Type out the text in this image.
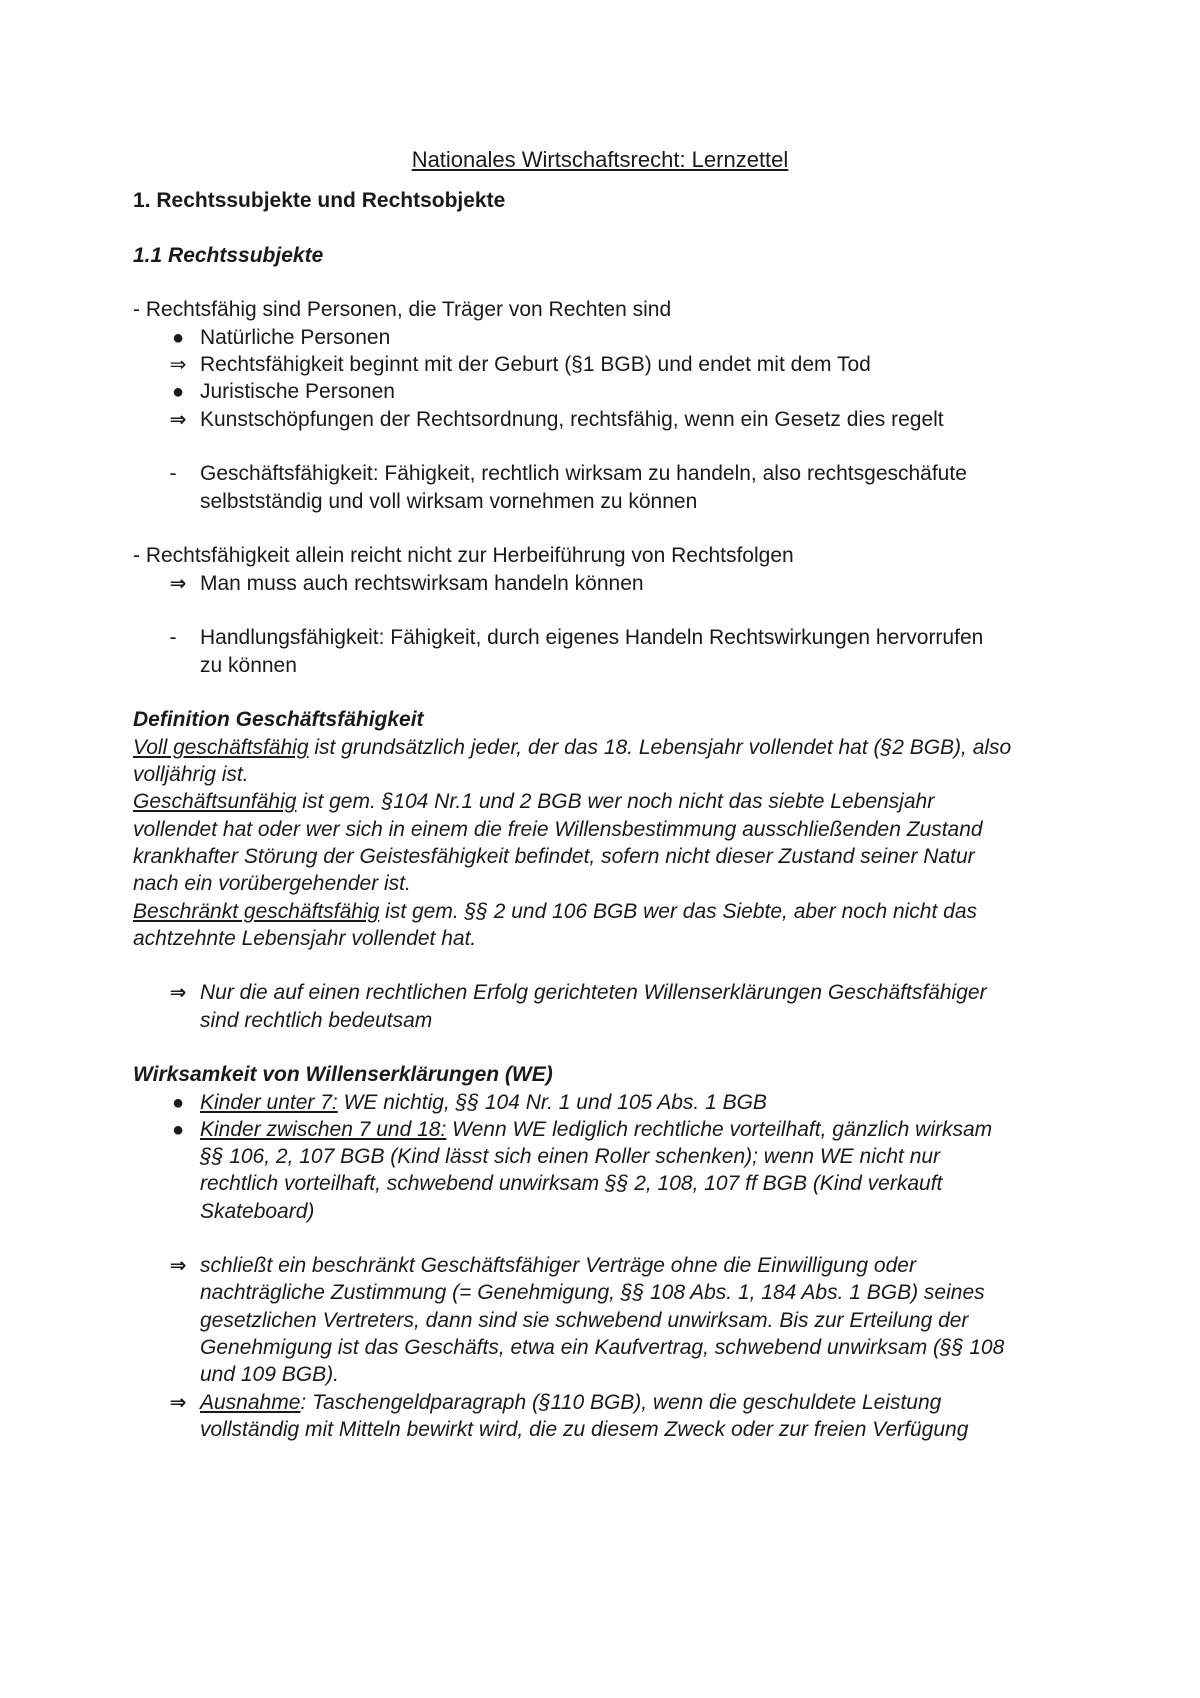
Nationales Wirtschaftsrecht: Lernzettel
1. Rechtssubjekte und Rechtsobjekte
1.1 Rechtssubjekte
- Rechtsfähig sind Personen, die Träger von Rechten sind
● Natürliche Personen
⇒ Rechtsfähigkeit beginnt mit der Geburt (§1 BGB) und endet mit dem Tod
● Juristische Personen
⇒ Kunstschöpfungen der Rechtsordnung, rechtsfähig, wenn ein Gesetz dies regelt
-	Geschäftsfähigkeit: Fähigkeit, rechtlich wirksam zu handeln, also rechtsgeschäfute
selbstständig und voll wirksam vornehmen zu können
- Rechtsfähigkeit allein reicht nicht zur Herbeiführung von Rechtsfolgen
⇒ Man muss auch rechtswirksam handeln können
-	Handlungsfähigkeit: Fähigkeit, durch eigenes Handeln Rechtswirkungen hervorrufen
zu können
Definition Geschäftsfähigkeit
Voll geschäftsfähig ist grundsätzlich jeder, der das 18. Lebensjahr vollendet hat (§2 BGB), also
volljährig ist.
Geschäftsunfähig ist gem. §104 Nr.1 und 2 BGB wer noch nicht das siebte Lebensjahr
vollendet hat oder wer sich in einem die freie Willensbestimmung ausschließenden Zustand
krankhafter Störung der Geistesfähigkeit befindet, sofern nicht dieser Zustand seiner Natur
nach ein vorübergehender ist.
Beschränkt geschäftsfähig ist gem. §§ 2 und 106 BGB wer das Siebte, aber noch nicht das
achtzehnte Lebensjahr vollendet hat.
⇒ Nur die auf einen rechtlichen Erfolg gerichteten Willenserklärungen Geschäftsfähiger
sind rechtlich bedeutsam
Wirksamkeit von Willenserklärungen (WE)
● Kinder unter 7: WE nichtig, §§ 104 Nr. 1 und 105 Abs. 1 BGB
● Kinder zwischen 7 und 18: Wenn WE lediglich rechtliche vorteilhaft, gänzlich wirksam
§§ 106, 2, 107 BGB (Kind lässt sich einen Roller schenken); wenn WE nicht nur
rechtlich vorteilhaft, schwebend unwirksam §§ 2, 108, 107 ff BGB (Kind verkauft
Skateboard)
⇒ schließt ein beschränkt Geschäftsfähiger Verträge ohne die Einwilligung oder
nachträgliche Zustimmung (= Genehmigung, §§ 108 Abs. 1, 184 Abs. 1 BGB) seines
gesetzlichen Vertreters, dann sind sie schwebend unwirksam. Bis zur Erteilung der
Genehmigung ist das Geschäfts, etwa ein Kaufvertrag, schwebend unwirksam (§§ 108
und 109 BGB).
⇒ Ausnahme: Taschengeldparagraph (§110 BGB), wenn die geschuldete Leistung
vollständig mit Mitteln bewirkt wird, die zu diesem Zweck oder zur freien Verfügung
